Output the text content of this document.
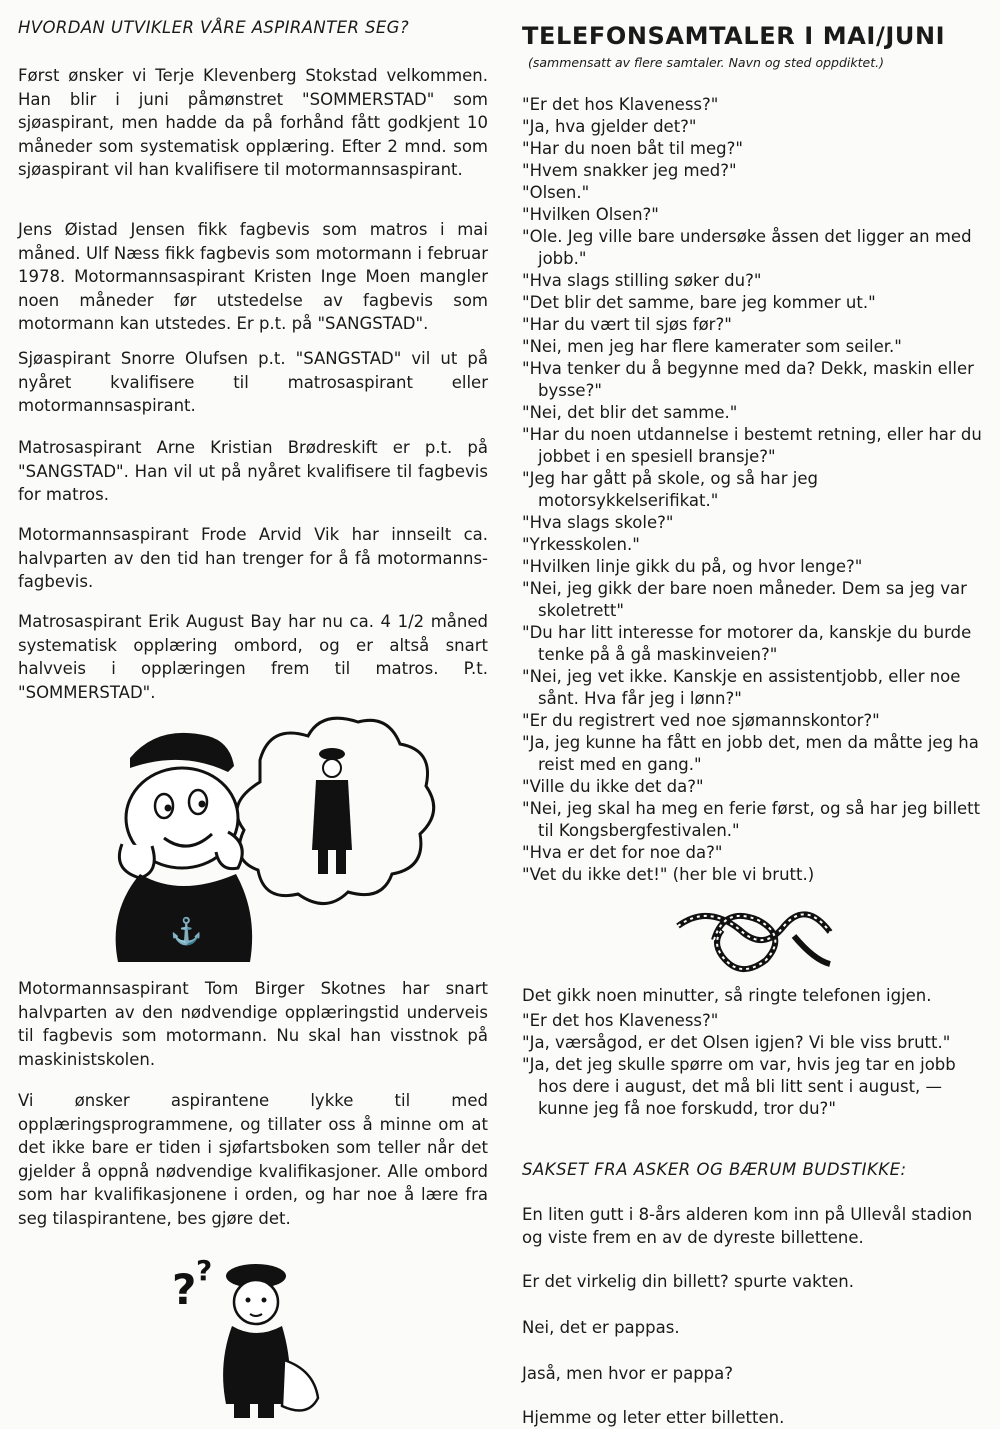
HVORDAN UTVIKLER VÅRE ASPIRANTER SEG?

Først ønsker vi Terje Klevenberg Stokstad velkommen. Han blir i juni påmønstret "SOMMERSTAD" som sjøaspirant, men hadde da på forhånd fått godkjent 10 måneder som systematisk opplæring. Efter 2 mnd. som sjøaspirant vil han kvalifisere til motormannsaspirant.

Jens Øistad Jensen fikk fagbevis som matros i mai måned. Ulf Næss fikk fagbevis som motormann i februar 1978. Motormannsaspirant Kristen Inge Moen mangler noen måneder før utstedelse av fagbevis som motormann kan utstedes. Er p.t. på "SANGSTAD".

Sjøaspirant Snorre Olufsen p.t. "SANGSTAD" vil ut på nyåret kvalifisere til matrosaspirant eller motormannsaspirant.

Matrosaspirant Arne Kristian Brødreskift er p.t. på "SANGSTAD". Han vil ut på nyåret kvalifisere til fagbevis for matros.

Motormannsaspirant Frode Arvid Vik har innseilt ca. halvparten av den tid han trenger for å få motormanns-fagbevis.

Matrosaspirant Erik August Bay har nu ca. 4 1/2 måned systematisk opplæring ombord, og er altså snart halvveis i opplæringen frem til matros. P.t. "SOMMERSTAD".

⚓

Motormannsaspirant Tom Birger Skotnes har snart halvparten av den nødvendige opplæringstid underveis til fagbevis som motormann. Nu skal han visstnok på maskinistskolen.

Vi ønsker aspirantene lykke til med opplæringsprogrammene, og tillater oss å minne om at det ikke bare er tiden i sjøfartsboken som teller når det gjelder å oppnå nødvendige kvalifikasjoner. Alle ombord som har kvalifikasjonene i orden, og har noe å lære fra seg tilaspirantene, bes gjøre det.

? ?
TELEFONSAMTALER I MAI/JUNI

(sammensatt av flere samtaler. Navn og sted oppdiktet.)

"Er det hos Klaveness?"
"Ja, hva gjelder det?"
"Har du noen båt til meg?"
"Hvem snakker jeg med?"
"Olsen."
"Hvilken Olsen?"
"Ole. Jeg ville bare undersøke åssen det ligger an med jobb."
"Hva slags stilling søker du?"
"Det blir det samme, bare jeg kommer ut."
"Har du vært til sjøs før?"
"Nei, men jeg har flere kamerater som seiler."
"Hva tenker du å begynne med da? Dekk, maskin eller bysse?"
"Nei, det blir det samme."
"Har du noen utdannelse i bestemt retning, eller har du jobbet i en spesiell bransje?"
"Jeg har gått på skole, og så har jeg motorsykkelserifikat."
"Hva slags skole?"
"Yrkesskolen."
"Hvilken linje gikk du på, og hvor lenge?"
"Nei, jeg gikk der bare noen måneder. Dem sa jeg var skoletrett"
"Du har litt interesse for motorer da, kanskje du burde tenke på å gå maskinveien?"
"Nei, jeg vet ikke. Kanskje en assistentjobb, eller noe sånt. Hva får jeg i lønn?"
"Er du registrert ved noe sjømannskontor?"
"Ja, jeg kunne ha fått en jobb det, men da måtte jeg ha reist med en gang."
"Ville du ikke det da?"
"Nei, jeg skal ha meg en ferie først, og så har jeg billett til Kongsbergfestivalen."
"Hva er det for noe da?"
"Vet du ikke det!" (her ble vi brutt.)

Det gikk noen minutter, så ringte telefonen igjen.

"Er det hos Klaveness?"
"Ja, værsågod, er det Olsen igjen? Vi ble viss brutt."
"Ja, det jeg skulle spørre om var, hvis jeg tar en jobb hos dere i august, det må bli litt sent i august, — kunne jeg få noe forskudd, tror du?"
SAKSET FRA ASKER OG BÆRUM BUDSTIKKE:

En liten gutt i 8-års alderen kom inn på Ullevål stadion og viste frem en av de dyreste billettene.

Er det virkelig din billett? spurte vakten.

Nei, det er pappas.

Jaså, men hvor er pappa?

Hjemme og leter etter billetten.
